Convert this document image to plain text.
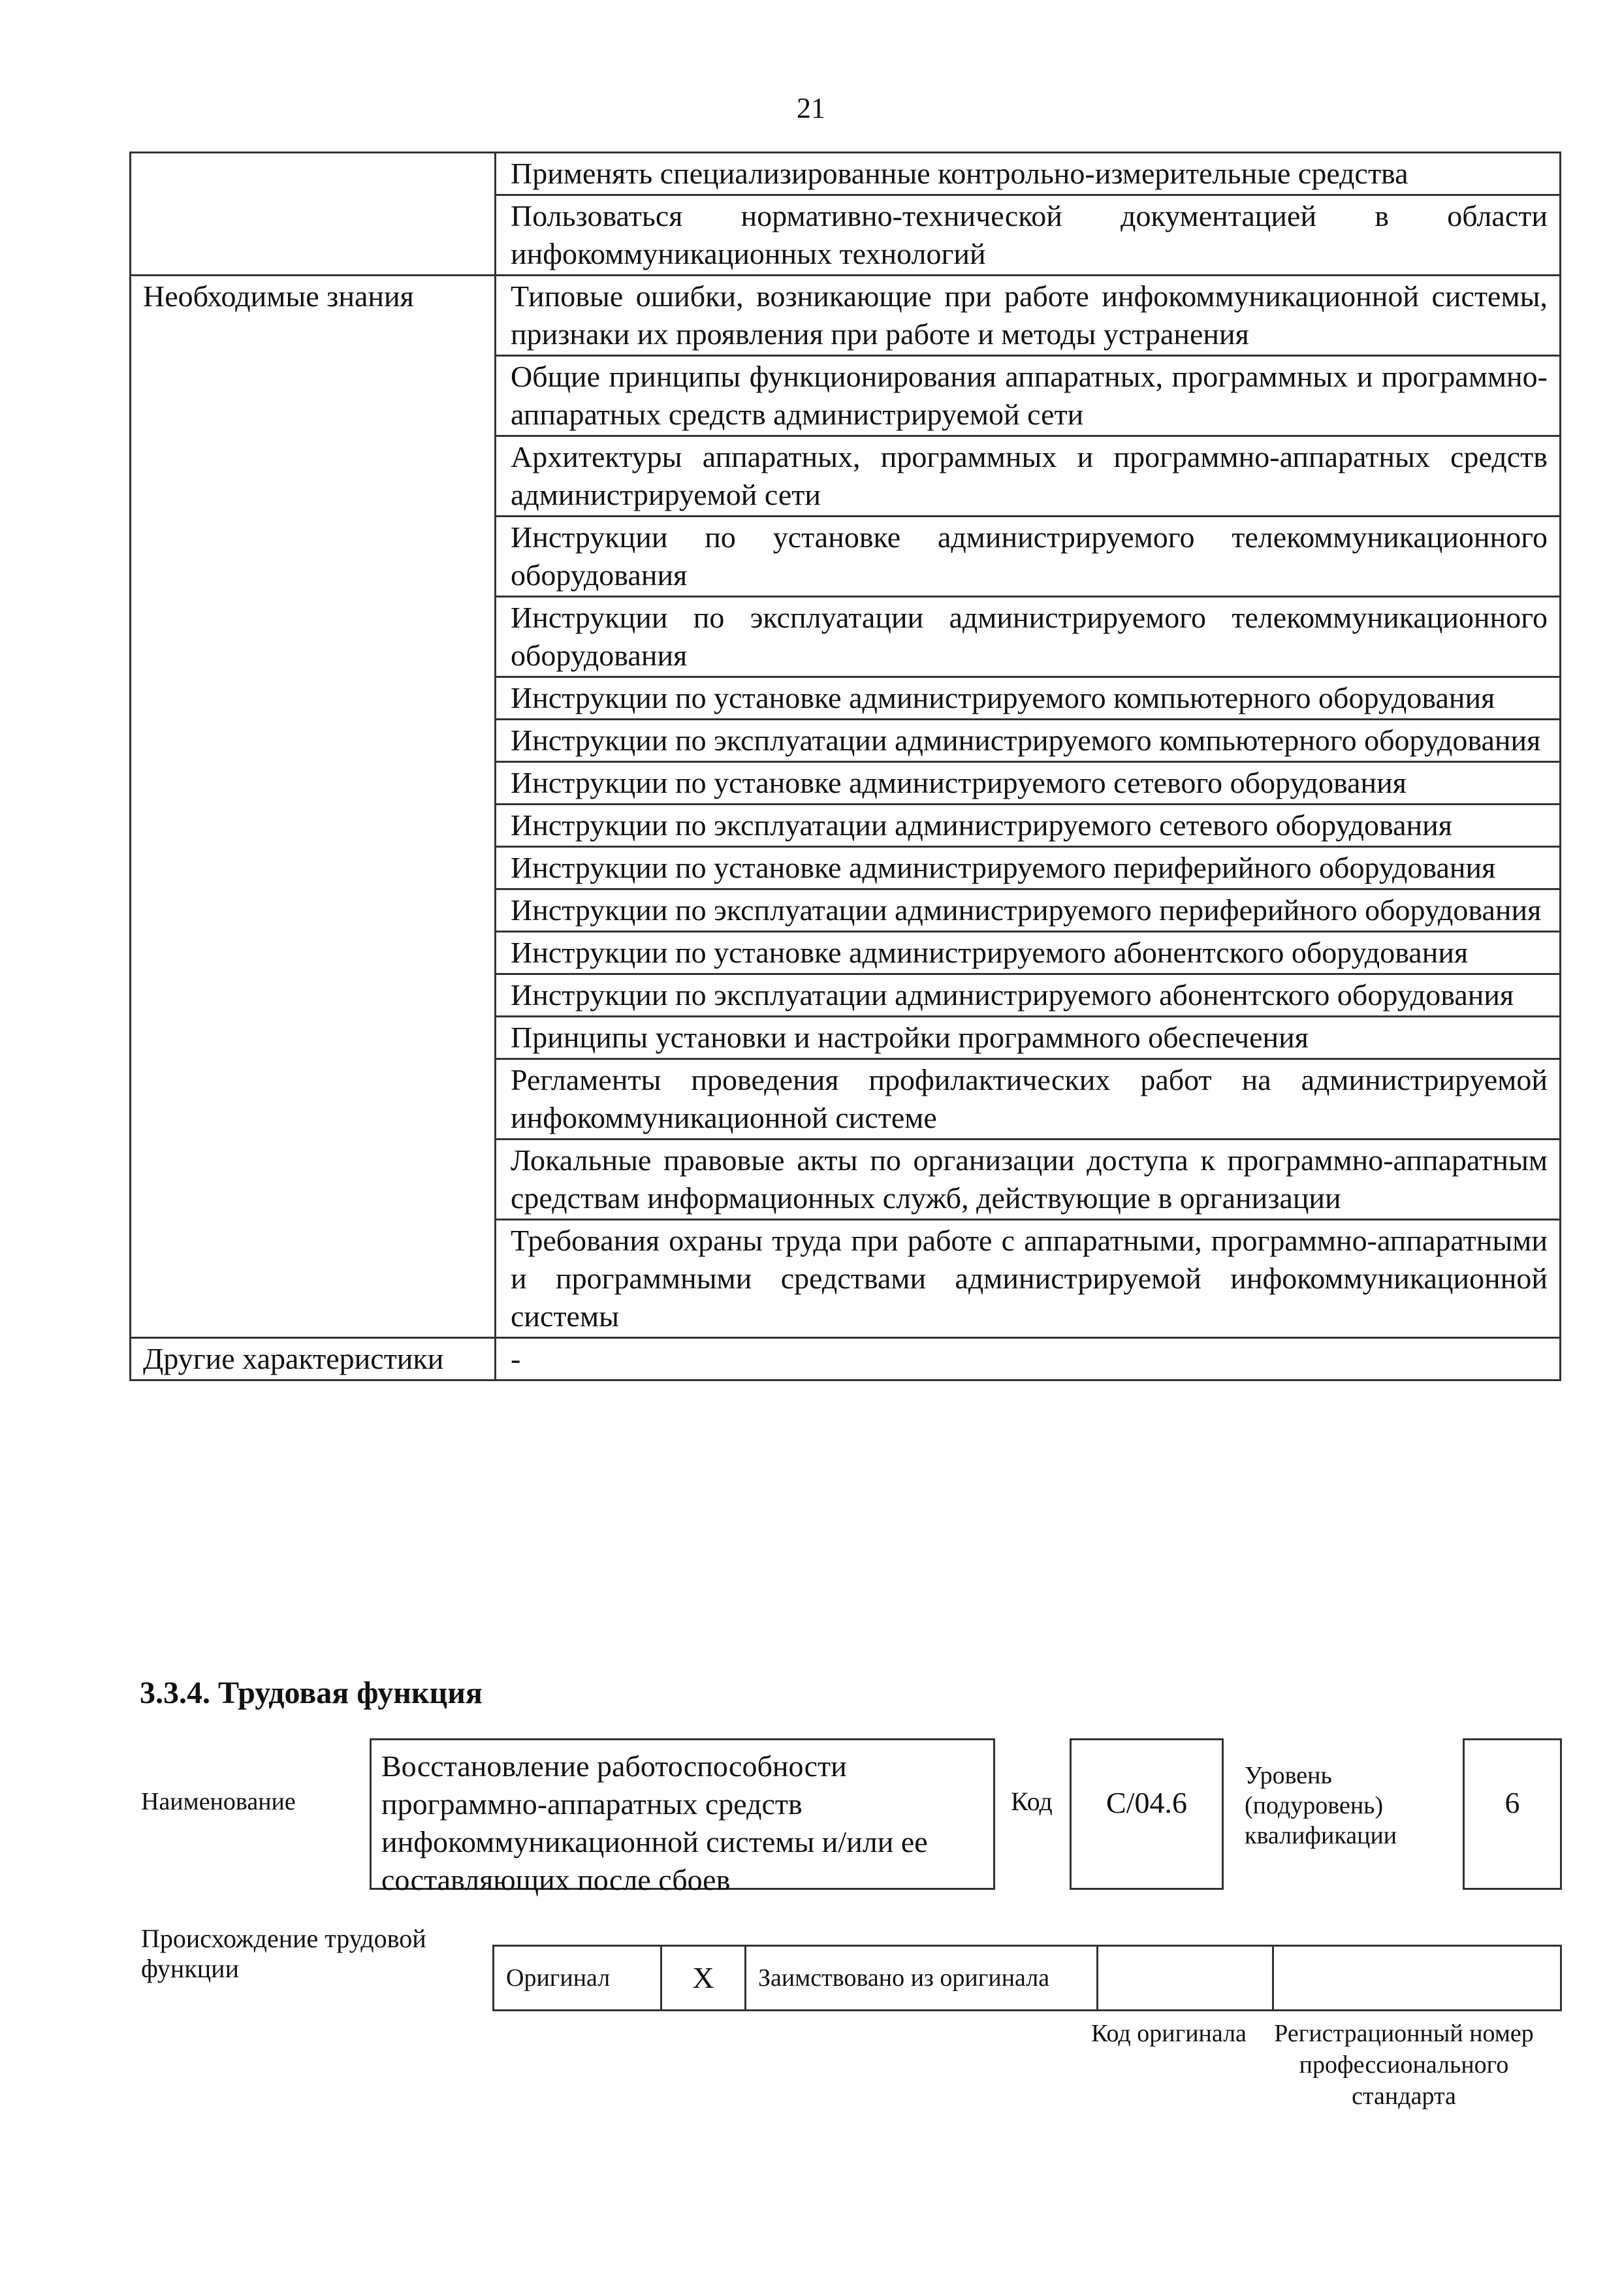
21
	Применять специализированные контрольно-измерительные средства
	Пользоваться нормативно-технической документацией в области инфокоммуникационных технологий
Необходимые знания	Типовые ошибки, возникающие при работе инфокоммуникационной системы, признаки их проявления при работе и методы устранения
	Общие принципы функционирования аппаратных, программных и программно-аппаратных средств администрируемой сети
	Архитектуры аппаратных, программных и программно-аппаратных средств администрируемой сети
	Инструкции по установке администрируемого телекоммуникационного оборудования
	Инструкции по эксплуатации администрируемого телекоммуникационного оборудования
	Инструкции по установке администрируемого компьютерного оборудования
	Инструкции по эксплуатации администрируемого компьютерного оборудования
	Инструкции по установке администрируемого сетевого оборудования
	Инструкции по эксплуатации администрируемого сетевого оборудования
	Инструкции по установке администрируемого периферийного оборудования
	Инструкции по эксплуатации администрируемого периферийного оборудования
	Инструкции по установке администрируемого абонентского оборудования
	Инструкции по эксплуатации администрируемого абонентского оборудования
	Принципы установки и настройки программного обеспечения
	Регламенты проведения профилактических работ на администрируемой инфокоммуникационной системе
	Локальные правовые акты по организации доступа к программно-аппаратным средствам информационных служб, действующие в организации
	Требования охраны труда при работе с аппаратными, программно-аппаратными и программными средствами администрируемой инфокоммуникационной системы
Другие характеристики	-
3.3.4. Трудовая функция
Наименование
Восстановление работоспособности программно-аппаратных средств инфокоммуникационной системы и/или ее составляющих после сбоев
Код	C/04.6
Уровень (подуровень) квалификации
6
Происхождение трудовой функции	Оригинал	X	Заимствовано из оригинала		
Код оригинала Регистрационный номер профессионального стандарта
